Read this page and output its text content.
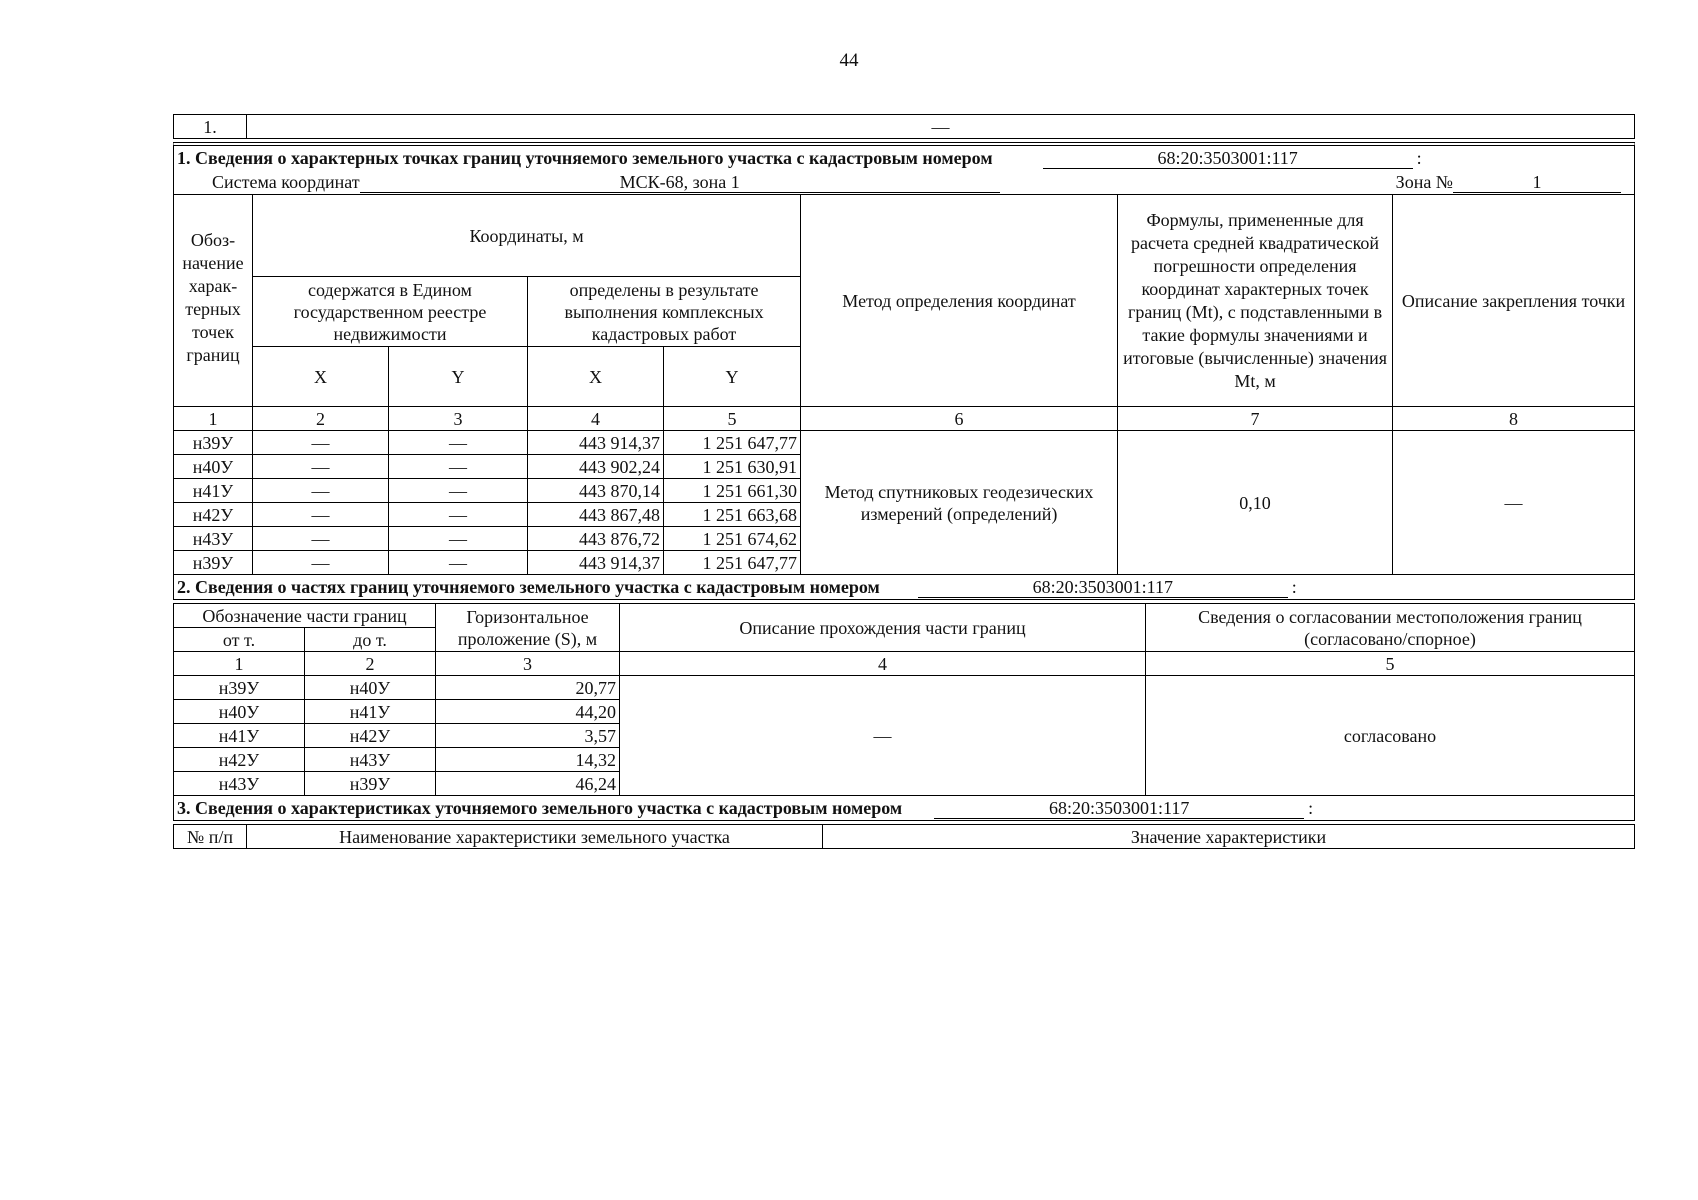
44
1.	—
1. Сведения о характерных точках границ уточняемого земельного участка с кадастровым номером	68:20:3503001:117	:
Система координат	МСК-68, зона 1	Зона №	1
Обоз-начение харак-терных точек границ	Координаты, м				Метод определения координат	Формулы, примененные для расчета средней квадратической погрешности определения координат характерных точек границ (Mt), с подставленными в такие формулы значениями и итоговые (вычисленные) значения Mt, м	Описание закрепления точки
	содержатся в Едином государственном реестре недвижимости		определены в результате выполнения комплексных кадастровых работ				
	X	Y	X	Y			
1	2	3	4	5	6	7	8
н39У	—	—	443 914,37	1 251 647,77	Метод спутниковых геодезических измерений (определений)	0,10	—
н40У	—	—	443 902,24	1 251 630,91			
н41У	—	—	443 870,14	1 251 661,30			
н42У	—	—	443 867,48	1 251 663,68			
н43У	—	—	443 876,72	1 251 674,62			
н39У	—	—	443 914,37	1 251 647,77			
2. Сведения о частях границ уточняемого земельного участка с кадастровым номером	68:20:3503001:117	:
Обозначение части границ		Горизонтальное проложение (S), м	Описание прохождения части границ	Сведения о согласовании местоположения границ (согласовано/спорное)
от т.	до т.			
1	2	3	4	5
н39У	н40У	20,77	—	согласовано
н40У	н41У	44,20		
н41У	н42У	3,57		
н42У	н43У	14,32		
н43У	н39У	46,24		
3. Сведения о характеристиках уточняемого земельного участка с кадастровым номером	68:20:3503001:117	:
№ п/п	Наименование характеристики земельного участка	Значение характеристики
